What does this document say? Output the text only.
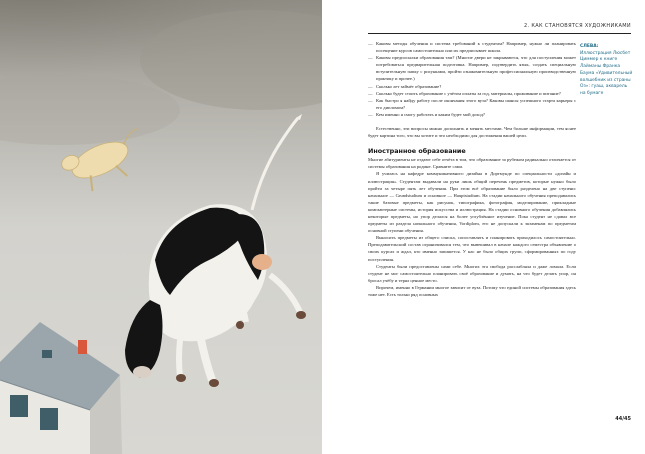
2. КАК СТАНОВЯТСЯ ХУДОЖНИКАМИ
— Каковы методы обучения и система требований к студентам? Например, нужно ли планировать посещение курсов самостоятельно или их предписывает школа.
— Каковы предпосылки образования там? (Многие двери не закрываются, что для поступления может потребоваться предварительная подготовка. Например, подтвердить язык, создать специальную вступительную папку с рисунками, пройти ознакомительную профессиональную производственную практику и прочее.)
— Сколько лет займёт образование?
— Сколько будет стоить образование с учётом оплаты за год, материалы, проживание и питание?
— Как быстро я найду работу после окончания этого вуза? Каковы шансы успешного старта карьеры с его дипломом?
— Кем именно я смогу работать и каким будет мой доход?

Естественно, эти вопросы можно дополнить и менять местами. Чем больше информации, тем яснее будет картина того, что вы хотите и что необходимо для достижения вашей цели.

Иностранное образование

Многие абитуриенты не отдают себе отчёта в том, что образование за рубежом радикально отличается от системы образования на родине. Сравните сами.

Я училась на кафедре коммуникативного дизайна в Дортмунде по специальности «дизайн и иллюстрация». Студентам выдавали на руки лишь общий перечень предметов, которые нужно было пройти за четыре пять лет обучения. При этом всё образование было разделено на две ступени: начальное — Grundstudium и основное — Hauptstudium. На стадии начального обучения преподавались такие базовые предметы, как рисунок, типографика, фотография, моделирование, прикладные компьютерные системы, история искусства и иллюстрация. На стадии основного обучения добавлялись некоторые предметы, но упор делался на более углублённое изучение. Пока студент не сдавал все предметы из раздела начального обучения, Vordiplom, его не допускали к экзаменам по предметам основной ступени обучения.

Выносить предметы из общего списка, сопоставлять и планировать приходилось самостоятельно. Преподавательский состав ограничивался тем, что вывешивал в начале каждого семестра объявление о своих курсах и ждал, кто именно запишется. У нас не было общих групп, сформированных по году поступления.

Студенты были предоставлены сами себе. Многих эта свобода расслабляла и даже ломала. Если студент не мог самостоятельно планировать своё образование и думать, на что будет делать упор, он бросал учёбу и терял ценное место.

Впрочем, именно в Германии многое зависит от вуза. Потому что единой системы образования здесь тоже нет. Есть только ряд основных

СЛЕВА:
Иллюстрация Люсбет Циммер к книге Лайманы Франка Баума «Удивительный волшебник из страны Оз»: гуаш, акварель на бумаге
44/45
